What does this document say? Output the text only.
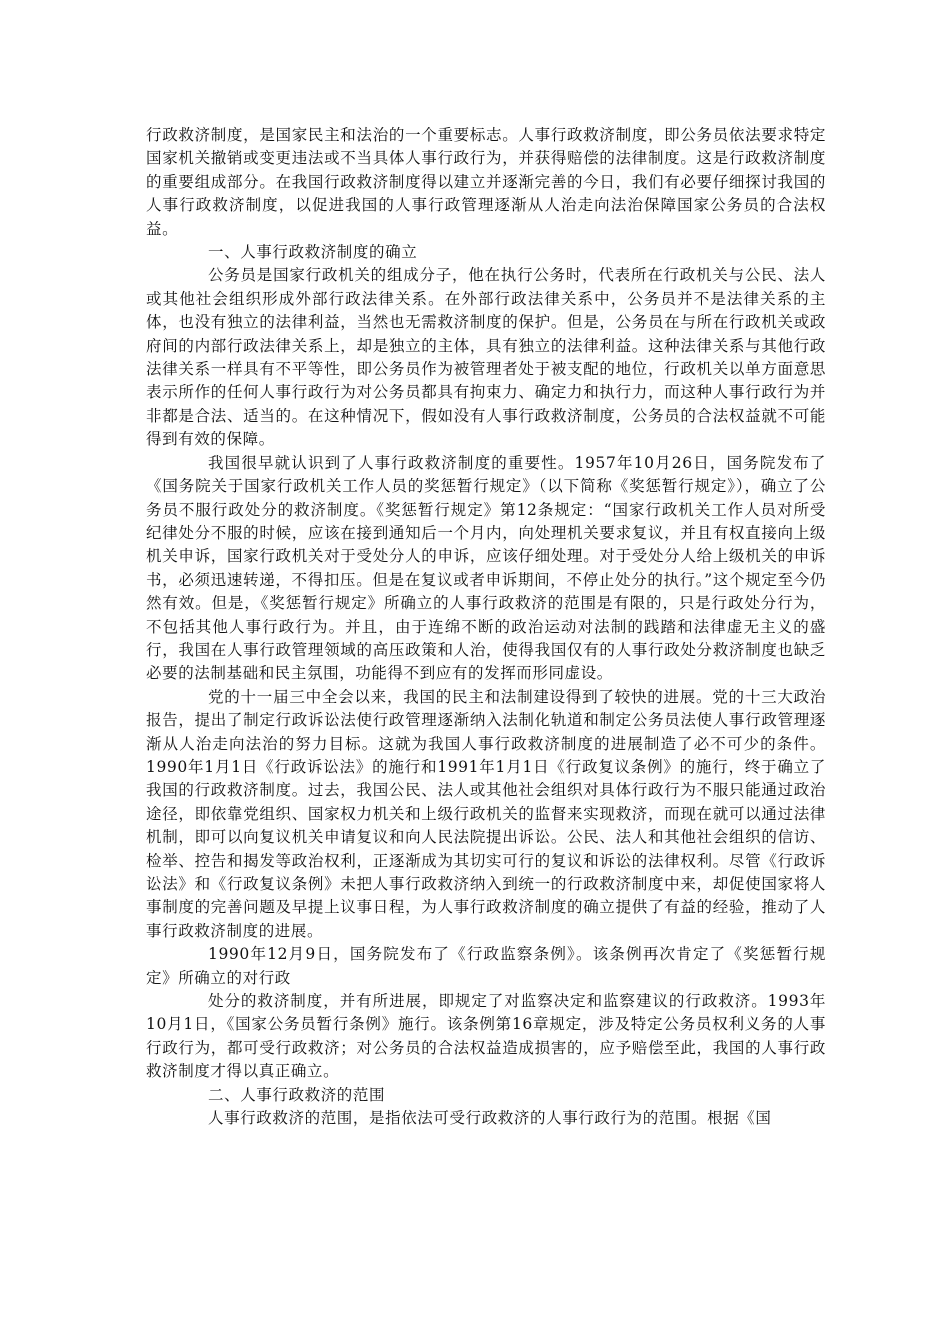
行政救济制度，是国家民主和法治的一个重要标志。人事行政救济制度，即公务员依法要求特定国家机关撤销或变更违法或不当具体人事行政行为，并获得赔偿的法律制度。这是行政救济制度的重要组成部分。在我国行政救济制度得以建立并逐渐完善的今日，我们有必要仔细探讨我国的人事行政救济制度，以促进我国的人事行政管理逐渐从人治走向法治保障国家公务员的合法权益。

一、人事行政救济制度的确立

公务员是国家行政机关的组成分子，他在执行公务时，代表所在行政机关与公民、法人或其他社会组织形成外部行政法律关系。在外部行政法律关系中，公务员并不是法律关系的主体，也没有独立的法律利益，当然也无需救济制度的保护。但是，公务员在与所在行政机关或政府间的内部行政法律关系上，却是独立的主体，具有独立的法律利益。这种法律关系与其他行政法律关系一样具有不平等性，即公务员作为被管理者处于被支配的地位，行政机关以单方面意思表示所作的任何人事行政行为对公务员都具有拘束力、确定力和执行力，而这种人事行政行为并非都是合法、适当的。在这种情况下，假如没有人事行政救济制度，公务员的合法权益就不可能得到有效的保障。

我国很早就认识到了人事行政救济制度的重要性。1957年10月26日，国务院发布了《国务院关于国家行政机关工作人员的奖惩暂行规定》（以下简称《奖惩暂行规定》），确立了公务员不服行政处分的救济制度。《奖惩暂行规定》第12条规定：“国家行政机关工作人员对所受纪律处分不服的时候，应该在接到通知后一个月内，向处理机关要求复议，并且有权直接向上级机关申诉，国家行政机关对于受处分人的申诉，应该仔细处理。对于受处分人给上级机关的申诉书，必须迅速转递，不得扣压。但是在复议或者申诉期间，不停止处分的执行。”这个规定至今仍然有效。但是，《奖惩暂行规定》所确立的人事行政救济的范围是有限的，只是行政处分行为，不包括其他人事行政行为。并且，由于连绵不断的政治运动对法制的践踏和法律虚无主义的盛行，我国在人事行政管理领域的高压政策和人治，使得我国仅有的人事行政处分救济制度也缺乏必要的法制基础和民主氛围，功能得不到应有的发挥而形同虚设。

党的十一届三中全会以来，我国的民主和法制建设得到了较快的进展。党的十三大政治报告，提出了制定行政诉讼法使行政管理逐渐纳入法制化轨道和制定公务员法使人事行政管理逐渐从人治走向法治的努力目标。这就为我国人事行政救济制度的进展制造了必不可少的条件。1990年1月1日《行政诉讼法》的施行和1991年1月1日《行政复议条例》的施行，终于确立了我国的行政救济制度。过去，我国公民、法人或其他社会组织对具体行政行为不服只能通过政治途径，即依靠党组织、国家权力机关和上级行政机关的监督来实现救济，而现在就可以通过法律机制，即可以向复议机关申请复议和向人民法院提出诉讼。公民、法人和其他社会组织的信访、检举、控告和揭发等政治权利，正逐渐成为其切实可行的复议和诉讼的法律权利。尽管《行政诉讼法》和《行政复议条例》未把人事行政救济纳入到统一的行政救济制度中来，却促使国家将人事制度的完善问题及早提上议事日程，为人事行政救济制度的确立提供了有益的经验，推动了人事行政救济制度的进展。

1990年12月9日，国务院发布了《行政监察条例》。该条例再次肯定了《奖惩暂行规定》所确立的对行政

处分的救济制度，并有所进展，即规定了对监察决定和监察建议的行政救济。1993年10月1日，《国家公务员暂行条例》施行。该条例第16章规定，涉及特定公务员权利义务的人事行政行为，都可受行政救济；对公务员的合法权益造成损害的，应予赔偿至此，我国的人事行政救济制度才得以真正确立。

二、人事行政救济的范围

人事行政救济的范围，是指依法可受行政救济的人事行政行为的范围。根据《国
